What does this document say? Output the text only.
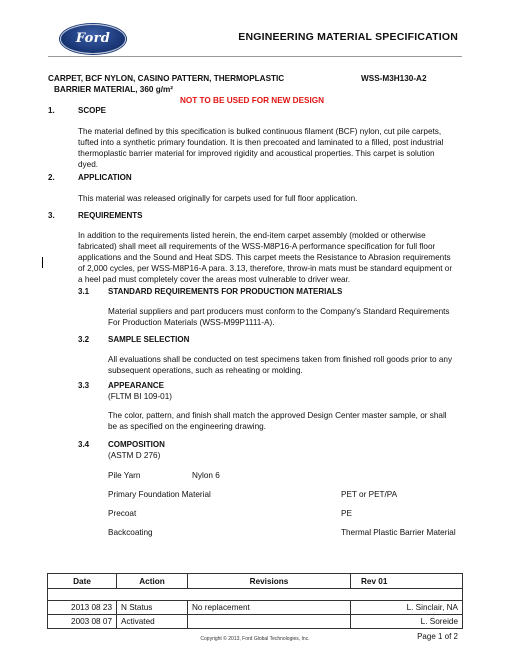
Ford	ENGINEERING MATERIAL SPECIFICATION
CARPET, BCF NYLON, CASINO PATTERN, THERMOPLASTIC	WSS-M3H130-A2
BARRIER MATERIAL, 360 g/m²
NOT TO BE USED FOR NEW DESIGN
1.	SCOPE
The material defined by this specification is bulked continuous filament (BCF) nylon, cut pile carpets,
tufted into a synthetic primary foundation. It is then precoated and laminated to a filled, post industrial
thermoplastic barrier material for improved rigidity and acoustical properties. This carpet is solution
dyed.
2.	APPLICATION
This material was released originally for carpets used for full floor application.
3.	REQUIREMENTS
In addition to the requirements listed herein, the end-item carpet assembly (molded or otherwise
fabricated) shall meet all requirements of the WSS-M8P16-A performance specification for full floor
applications and the Sound and Heat SDS. This carpet meets the Resistance to Abrasion requirements
of 2,000 cycles, per WSS-M8P16-A para. 3.13, therefore, throw-in mats must be standard equipment or
a heel pad must completely cover the areas most vulnerable to driver wear.
3.1 STANDARD REQUIREMENTS FOR PRODUCTION MATERIALS
Material suppliers and part producers must conform to the Company's Standard Requirements
For Production Materials (WSS-M99P1111-A).
3.2 SAMPLE SELECTION
All evaluations shall be conducted on test specimens taken from finished roll goods prior to any
subsequent operations, such as reheating or molding.
3.3 APPEARANCE
(FLTM BI 109-01)
The color, pattern, and finish shall match the approved Design Center master sample, or shall
be as specified on the engineering drawing.
3.4 COMPOSITION
(ASTM D 276)
Pile Yarn	Nylon 6
Primary Foundation Material	PET or PET/PA
Precoat	PE
Backcoating	Thermal Plastic Barrier Material
Date	Action	Revisions	Rev 01

2013 08 23	N Status	No replacement	L. Sinclair, NA
2003 08 07	Activated		L. Soreide
Copyright © 2013, Ford Global Technologies, Inc.	Page 1 of 2
